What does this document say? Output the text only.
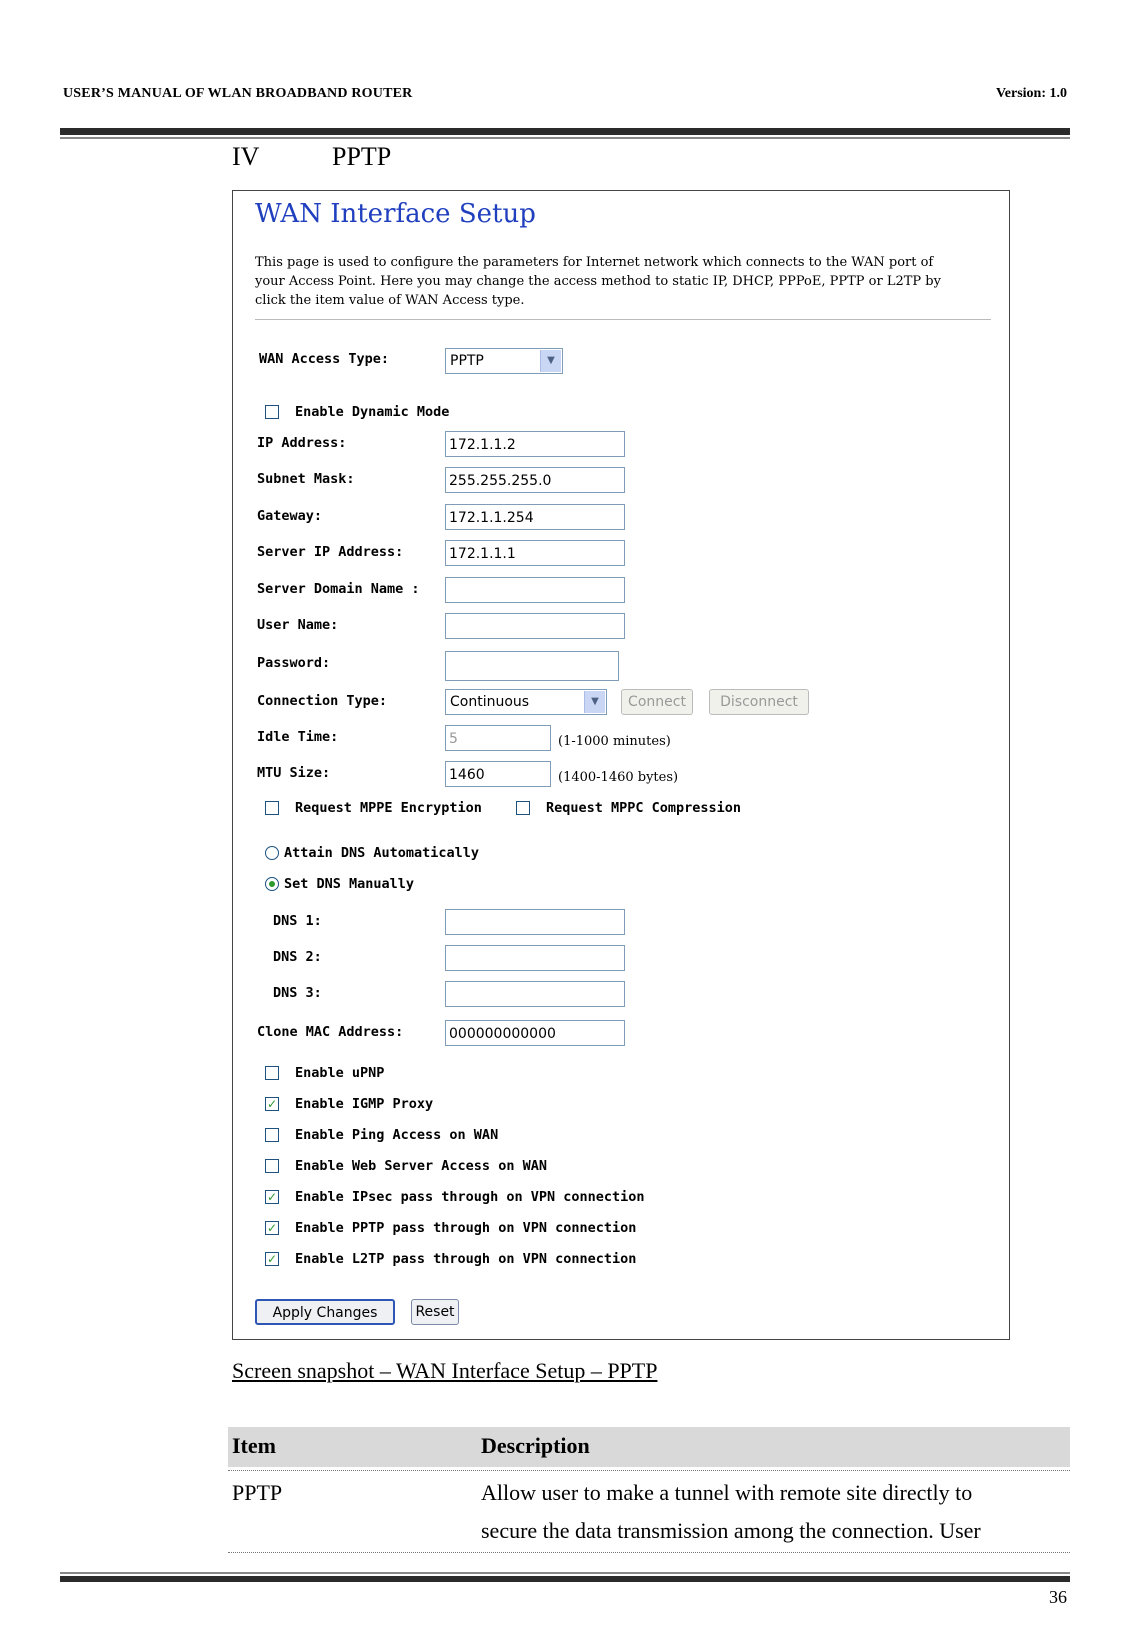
USER’S MANUAL OF WLAN BROADBAND ROUTER	Version: 1.0
IV	PPTP
WAN Interface Setup
This page is used to configure the parameters for Internet network which connects to the WAN port of your Access Point. Here you may change the access method to static IP, DHCP, PPPoE, PPTP or L2TP by click the item value of WAN Access type.
WAN Access Type:	PPTP	▼
Enable Dynamic Mode
IP Address:	172.1.1.2
Subnet Mask:	255.255.255.0
Gateway:	172.1.1.254
Server IP Address:	172.1.1.1
Server Domain Name :
User Name:
Password:
Connection Type:	Continuous	▼	Connect	Disconnect
Idle Time:	5	(1-1000 minutes)
MTU Size:	1460	(1400-1460 bytes)
Request MPPE Encryption	Request MPPC Compression
Attain DNS Automatically
Set DNS Manually
DNS 1:
DNS 2:
DNS 3:
Clone MAC Address:	000000000000
Enable uPNP
✓ Enable IGMP Proxy
Enable Ping Access on WAN
Enable Web Server Access on WAN
✓ Enable IPsec pass through on VPN connection
✓ Enable PPTP pass through on VPN connection
✓ Enable L2TP pass through on VPN connection
Apply Changes	Reset
Screen snapshot – WAN Interface Setup – PPTP
Item	Description
PPTP	Allow user to make a tunnel with remote site directly to
secure the data transmission among the connection. User
36
